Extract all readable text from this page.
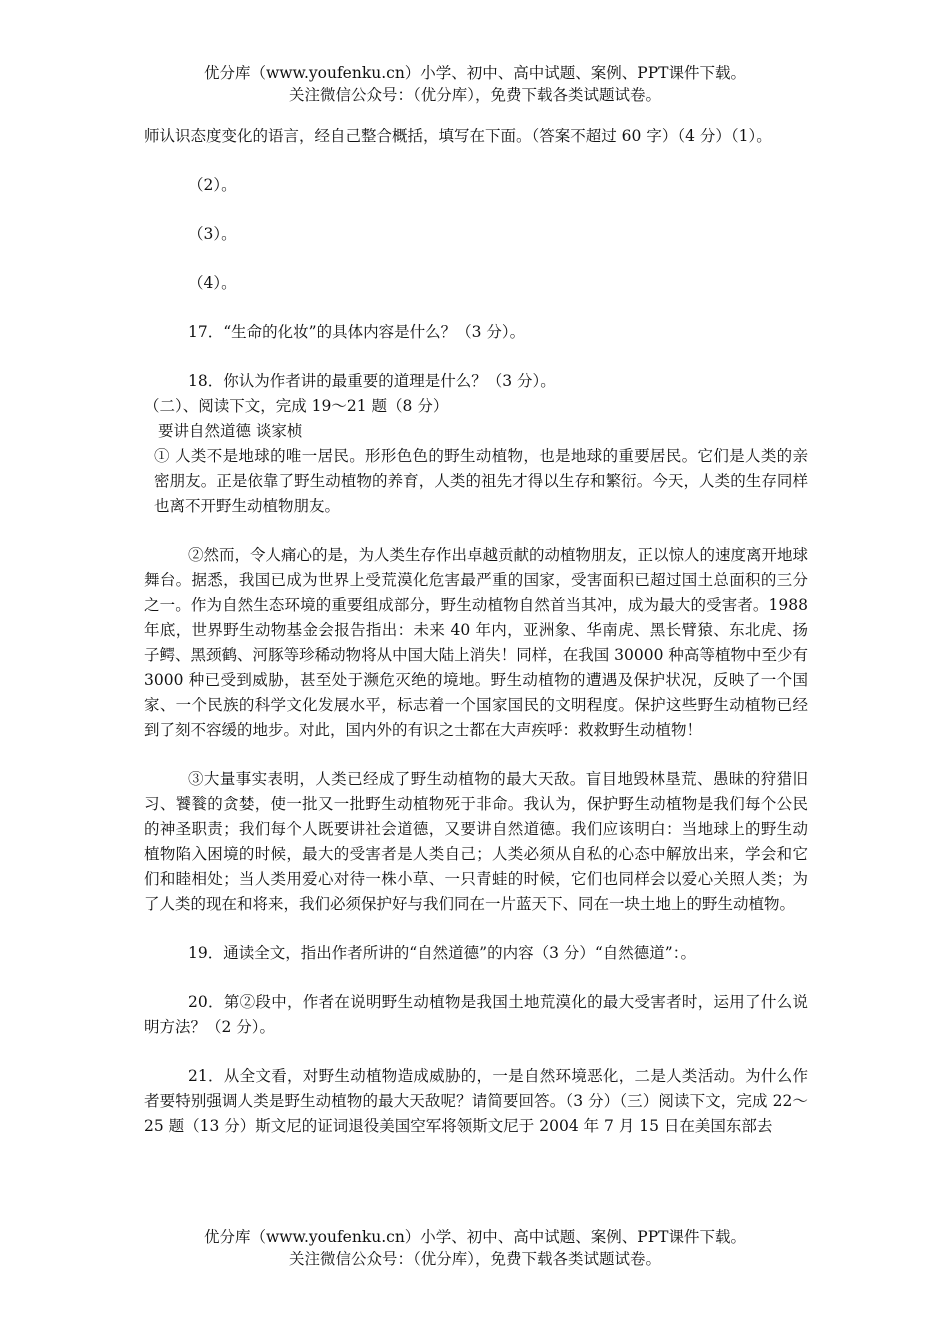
优分库（www.youfenku.cn）小学、初中、高中试题、案例、PPT课件下载。
关注微信公众号：（优分库），免费下载各类试题试卷。

师认识态度变化的语言，经自己整合概括，填写在下面。（答案不超过 60 字）（4 分）（1）。

（2）。

（3）。

（4）。

17．“生命的化妆”的具体内容是什么？（3 分）。

18．你认为作者讲的最重要的道理是什么？（3 分）。

（二）、阅读下文，完成 19～21 题（8 分）

要讲自然道德 谈家桢

① 人类不是地球的唯一居民。形形色色的野生动植物，也是地球的重要居民。它们是人类的亲密朋友。正是依靠了野生动植物的养育，人类的祖先才得以生存和繁衍。今天，人类的生存同样也离不开野生动植物朋友。

②然而，令人痛心的是，为人类生存作出卓越贡献的动植物朋友，正以惊人的速度离开地球舞台。据悉，我国已成为世界上受荒漠化危害最严重的国家，受害面积已超过国土总面积的三分之一。作为自然生态环境的重要组成部分，野生动植物自然首当其冲，成为最大的受害者。1988 年底，世界野生动物基金会报告指出：未来 40 年内，亚洲象、华南虎、黑长臂猿、东北虎、扬子鳄、黑颈鹤、河豚等珍稀动物将从中国大陆上消失！同样，在我国 30000 种高等植物中至少有 3000 种已受到威胁，甚至处于濒危灭绝的境地。野生动植物的遭遇及保护状况，反映了一个国家、一个民族的科学文化发展水平，标志着一个国家国民的文明程度。保护这些野生动植物已经到了刻不容缓的地步。对此，国内外的有识之士都在大声疾呼：救救野生动植物！

③大量事实表明，人类已经成了野生动植物的最大天敌。盲目地毁林垦荒、愚昧的狩猎旧习、饕餮的贪婪，使一批又一批野生动植物死于非命。我认为，保护野生动植物是我们每个公民的神圣职责；我们每个人既要讲社会道德，又要讲自然道德。我们应该明白：当地球上的野生动植物陷入困境的时候，最大的受害者是人类自己；人类必须从自私的心态中解放出来，学会和它们和睦相处；当人类用爱心对待一株小草、一只青蛙的时候，它们也同样会以爱心关照人类；为了人类的现在和将来，我们必须保护好与我们同在一片蓝天下、同在一块土地上的野生动植物。

19．通读全文，指出作者所讲的“自然道德”的内容（3 分）“自然德道”：。

20．第②段中，作者在说明野生动植物是我国土地荒漠化的最大受害者时，运用了什么说明方法？（2 分）。

21．从全文看，对野生动植物造成威胁的，一是自然环境恶化，二是人类活动。为什么作者要特别强调人类是野生动植物的最大天敌呢？请简要回答。（3 分）（三）阅读下文，完成 22～25 题（13 分）斯文尼的证词退役美国空军将领斯文尼于 2004 年 7 月 15 日在美国东部去

优分库（www.youfenku.cn）小学、初中、高中试题、案例、PPT课件下载。
关注微信公众号：（优分库），免费下载各类试题试卷。
